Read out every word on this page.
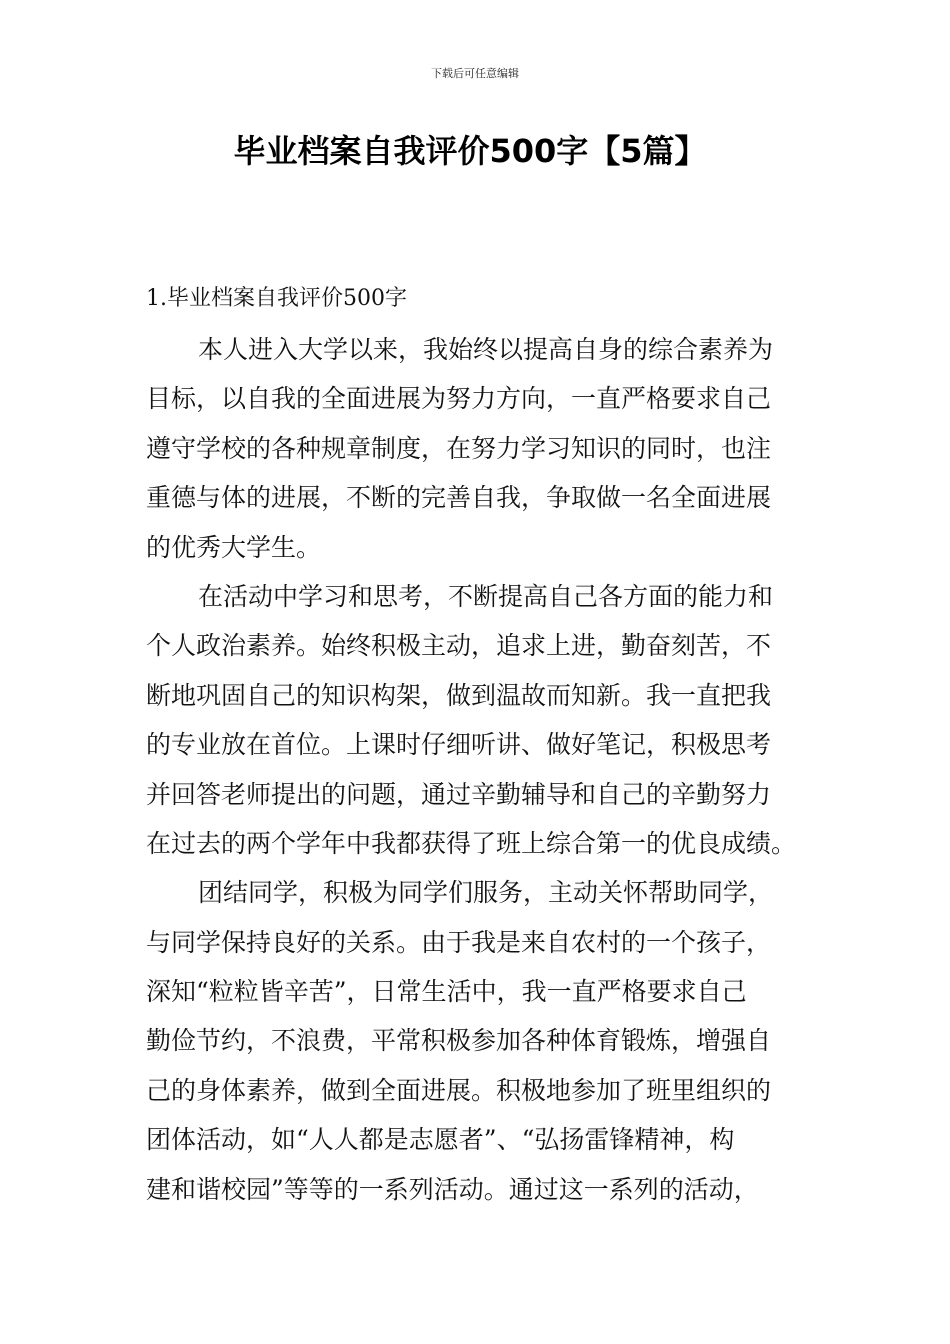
下载后可任意编辑
毕业档案自我评价500字【5篇】
1.毕业档案自我评价500字
本人进入大学以来，我始终以提高自身的综合素养为
目标，以自我的全面进展为努力方向，一直严格要求自己
遵守学校的各种规章制度，在努力学习知识的同时，也注
重德与体的进展，不断的完善自我，争取做一名全面进展
的优秀大学生。
在活动中学习和思考，不断提高自己各方面的能力和
个人政治素养。始终积极主动，追求上进，勤奋刻苦，不
断地巩固自己的知识构架，做到温故而知新。我一直把我
的专业放在首位。上课时仔细听讲、做好笔记，积极思考
并回答老师提出的问题，通过辛勤辅导和自己的辛勤努力
在过去的两个学年中我都获得了班上综合第一的优良成绩。
团结同学，积极为同学们服务，主动关怀帮助同学，
与同学保持良好的关系。由于我是来自农村的一个孩子，
深知“粒粒皆辛苦”，日常生活中，我一直严格要求自己
勤俭节约，不浪费，平常积极参加各种体育锻炼，增强自
己的身体素养，做到全面进展。积极地参加了班里组织的
团体活动，如“人人都是志愿者”、“弘扬雷锋精神，构
建和谐校园”等等的一系列活动。通过这一系列的活动，
